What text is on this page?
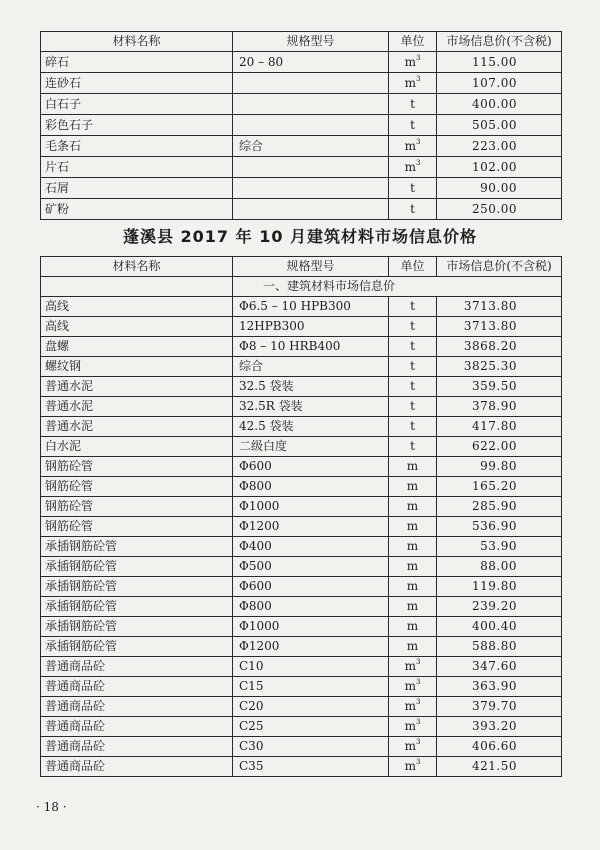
材料名称	规格型号	单位	市场信息价(不含税)
碎石	20 – 80	$m^3$	115.00
连砂石		$m^3$	107.00
白石子		t	400.00
彩色石子		t	505.00
毛条石	综合	$m^3$	223.00
片石		$m^3$	102.00
石屑		t	90.00
矿粉		t	250.00
蓬溪县 2017 年 10 月建筑材料市场信息价格
材料名称	规格型号	单位	市场信息价(不含税)
	一、建筑材料市场信息价		
高线	Φ6.5 – 10 HPB300	t	3713.80
高线	12HPB300	t	3713.80
盘螺	Φ8 – 10 HRB400	t	3868.20
螺纹钢	综合	t	3825.30
普通水泥	32.5 袋装	t	359.50
普通水泥	32.5R 袋装	t	378.90
普通水泥	42.5 袋装	t	417.80
白水泥	二级白度	t	622.00
钢筋砼管	Φ600	m	99.80
钢筋砼管	Φ800	m	165.20
钢筋砼管	Φ1000	m	285.90
钢筋砼管	Φ1200	m	536.90
承插钢筋砼管	Φ400	m	53.90
承插钢筋砼管	Φ500	m	88.00
承插钢筋砼管	Φ600	m	119.80
承插钢筋砼管	Φ800	m	239.20
承插钢筋砼管	Φ1000	m	400.40
承插钢筋砼管	Φ1200	m	588.80
普通商品砼	C10	$m^3$	347.60
普通商品砼	C15	$m^3$	363.90
普通商品砼	C20	$m^3$	379.70
普通商品砼	C25	$m^3$	393.20
普通商品砼	C30	$m^3$	406.60
普通商品砼	C35	$m^3$	421.50
· 18 ·
